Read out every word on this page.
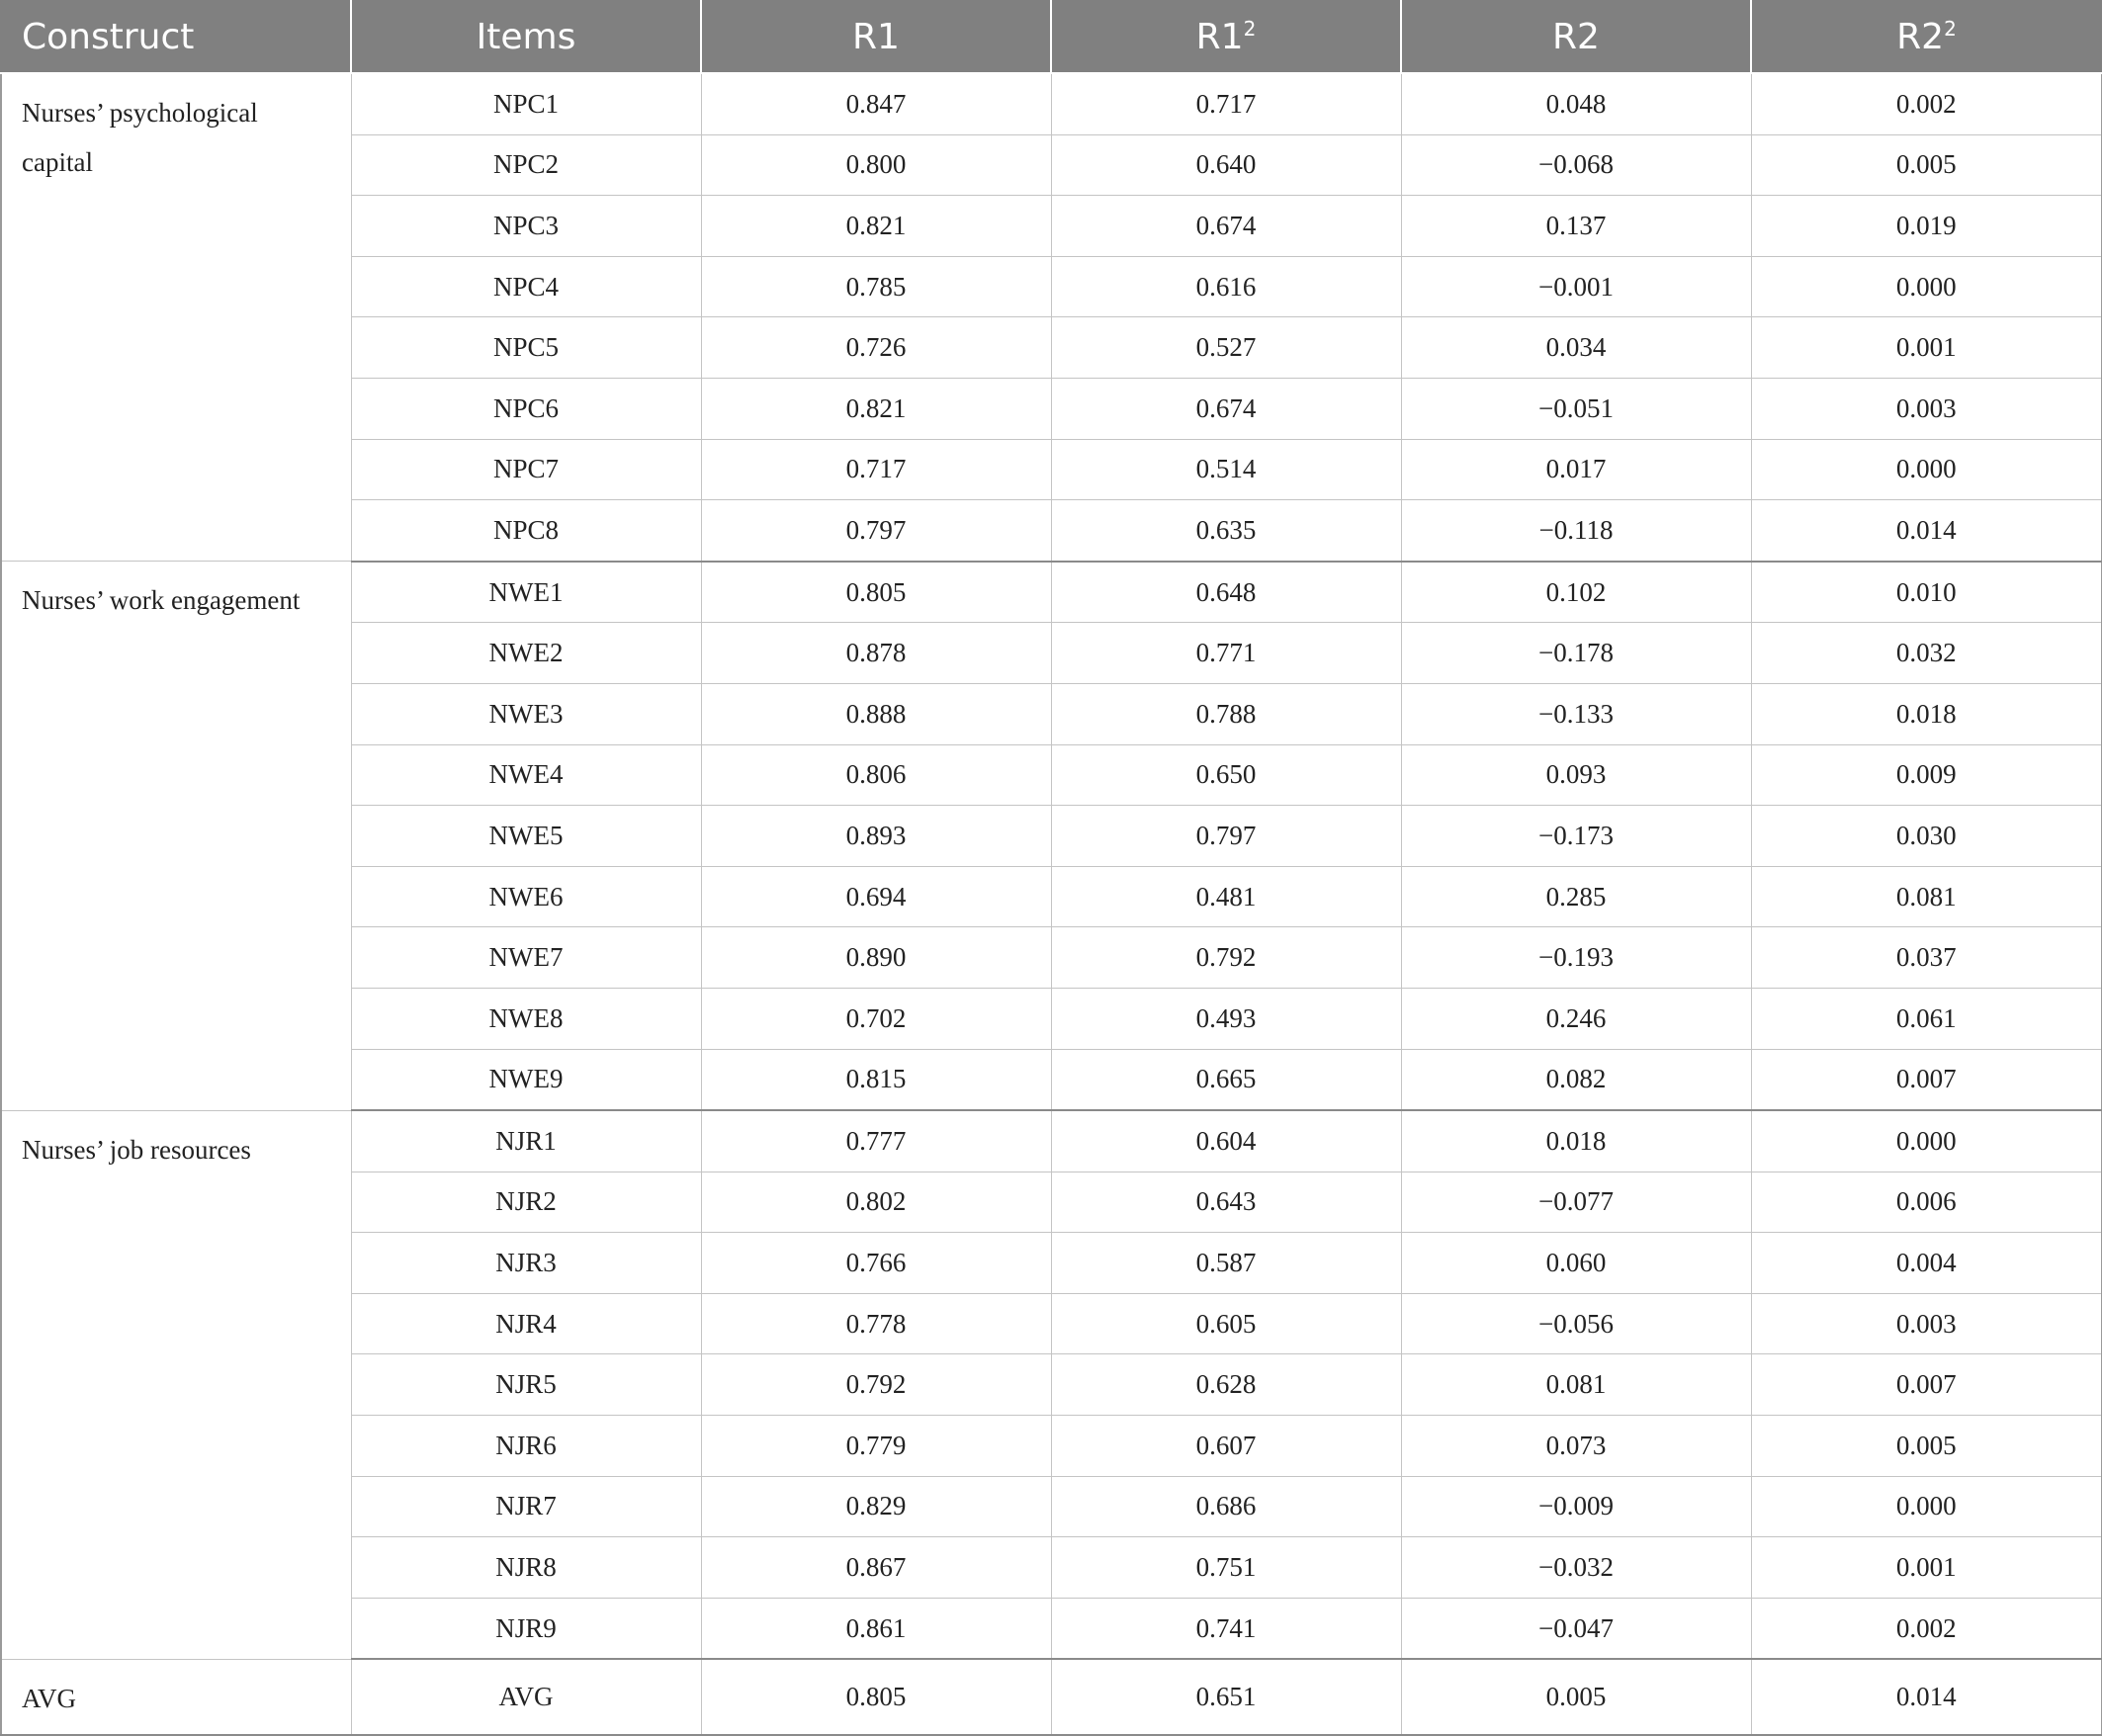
Construct	Items	R1	$R1^2$	R2	$R2^2$
Nurses’ psychological capital	NPC1	0.847	0.717	0.048	0.002
	NPC2	0.800	0.640	−0.068	0.005
	NPC3	0.821	0.674	0.137	0.019
	NPC4	0.785	0.616	−0.001	0.000
	NPC5	0.726	0.527	0.034	0.001
	NPC6	0.821	0.674	−0.051	0.003
	NPC7	0.717	0.514	0.017	0.000
	NPC8	0.797	0.635	−0.118	0.014
Nurses’ work engagement	NWE1	0.805	0.648	0.102	0.010
	NWE2	0.878	0.771	−0.178	0.032
	NWE3	0.888	0.788	−0.133	0.018
	NWE4	0.806	0.650	0.093	0.009
	NWE5	0.893	0.797	−0.173	0.030
	NWE6	0.694	0.481	0.285	0.081
	NWE7	0.890	0.792	−0.193	0.037
	NWE8	0.702	0.493	0.246	0.061
	NWE9	0.815	0.665	0.082	0.007
Nurses’ job resources	NJR1	0.777	0.604	0.018	0.000
	NJR2	0.802	0.643	−0.077	0.006
	NJR3	0.766	0.587	0.060	0.004
	NJR4	0.778	0.605	−0.056	0.003
	NJR5	0.792	0.628	0.081	0.007
	NJR6	0.779	0.607	0.073	0.005
	NJR7	0.829	0.686	−0.009	0.000
	NJR8	0.867	0.751	−0.032	0.001
	NJR9	0.861	0.741	−0.047	0.002
AVG	AVG	0.805	0.651	0.005	0.014
